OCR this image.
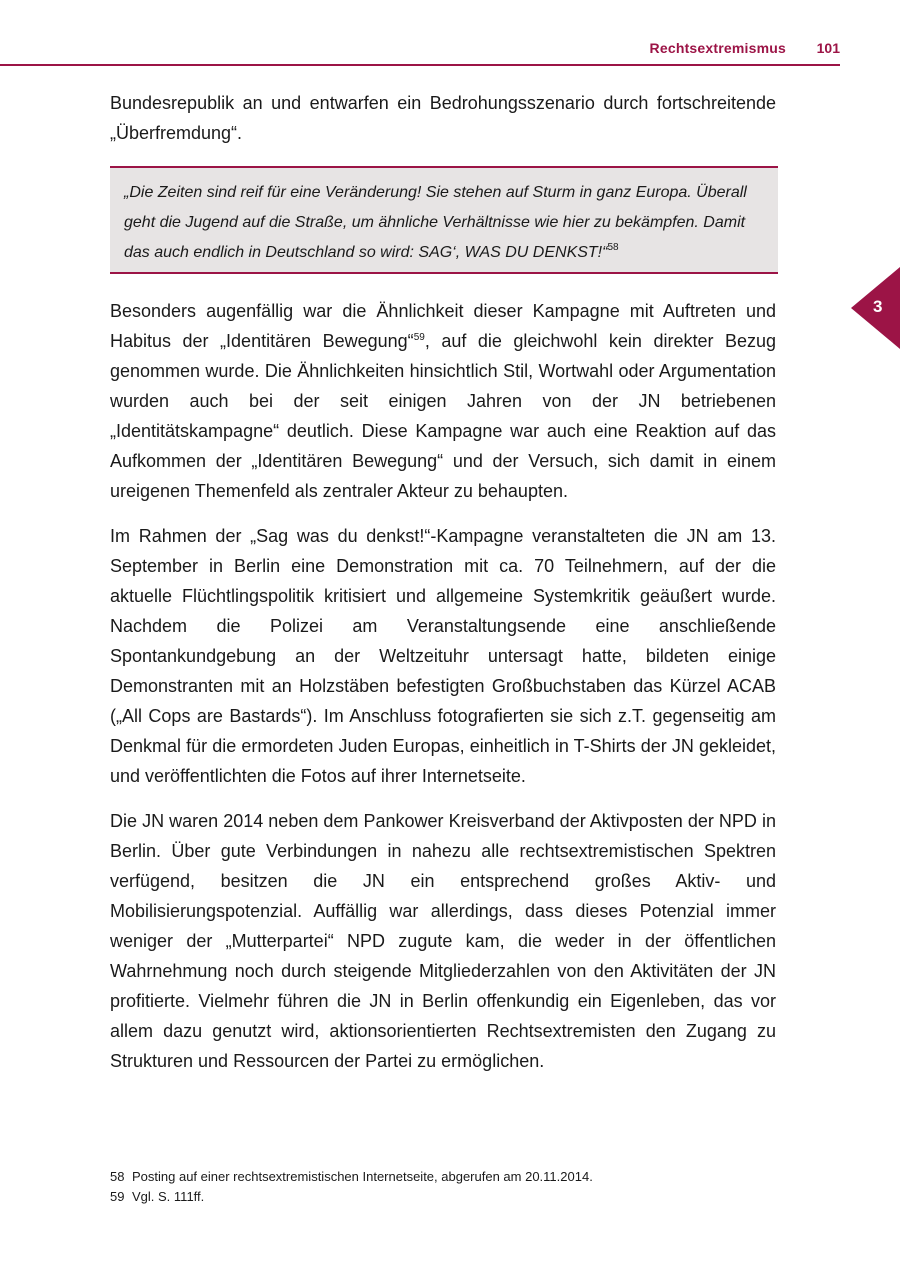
Rechtsextremismus 101
3

Bundesrepublik an und entwarfen ein Bedrohungsszenario durch fortschreitende „Überfremdung“.

„Die Zeiten sind reif für eine Veränderung! Sie stehen auf Sturm in ganz Europa. Überall geht die Jugend auf die Straße, um ähnliche Verhältnisse wie hier zu bekämpfen. Damit das auch endlich in Deutschland so wird: SAG‘, WAS DU DENKST!“$^{58}$

Besonders augenfällig war die Ähnlichkeit dieser Kampagne mit Auftreten und Habitus der „Identitären Bewegung“$^{59}$, auf die gleichwohl kein direkter Bezug genommen wurde. Die Ähnlichkeiten hinsichtlich Stil, Wortwahl oder Argumentation wurden auch bei der seit einigen Jahren von der JN betriebenen „Identitätskampagne“ deutlich. Diese Kampagne war auch eine Reaktion auf das Aufkommen der „Identitären Bewegung“ und der Versuch, sich damit in einem ureigenen Themenfeld als zentraler Akteur zu behaupten.

Im Rahmen der „Sag was du denkst!“-Kampagne veranstalteten die JN am 13. September in Berlin eine Demonstration mit ca. 70 Teilnehmern, auf der die aktuelle Flüchtlingspolitik kritisiert und allgemeine Systemkritik geäußert wurde. Nachdem die Polizei am Veranstaltungsende eine anschließende Spontankundgebung an der Weltzeituhr untersagt hatte, bildeten einige Demonstranten mit an Holzstäben befestigten Großbuchstaben das Kürzel ACAB („All Cops are Bastards“). Im Anschluss fotografierten sie sich z.T. gegenseitig am Denkmal für die ermordeten Juden Europas, einheitlich in T-Shirts der JN gekleidet, und veröffentlichten die Fotos auf ihrer Internetseite.

Die JN waren 2014 neben dem Pankower Kreisverband der Aktivposten der NPD in Berlin. Über gute Verbindungen in nahezu alle rechtsextremistischen Spektren verfügend, besitzen die JN ein entsprechend großes Aktiv- und Mobilisierungspotenzial. Auffällig war allerdings, dass dieses Potenzial immer weniger der „Mutterpartei“ NPD zugute kam, die weder in der öffentlichen Wahrnehmung noch durch steigende Mitgliederzahlen von den Aktivitäten der JN profitierte. Vielmehr führen die JN in Berlin offenkundig ein Eigenleben, das vor allem dazu genutzt wird, aktionsorientierten Rechtsextremisten den Zugang zu Strukturen und Ressourcen der Partei zu ermöglichen.

58 Posting auf einer rechtsextremistischen Internetseite, abgerufen am 20.11.2014.
59 Vgl. S. 111ff.
